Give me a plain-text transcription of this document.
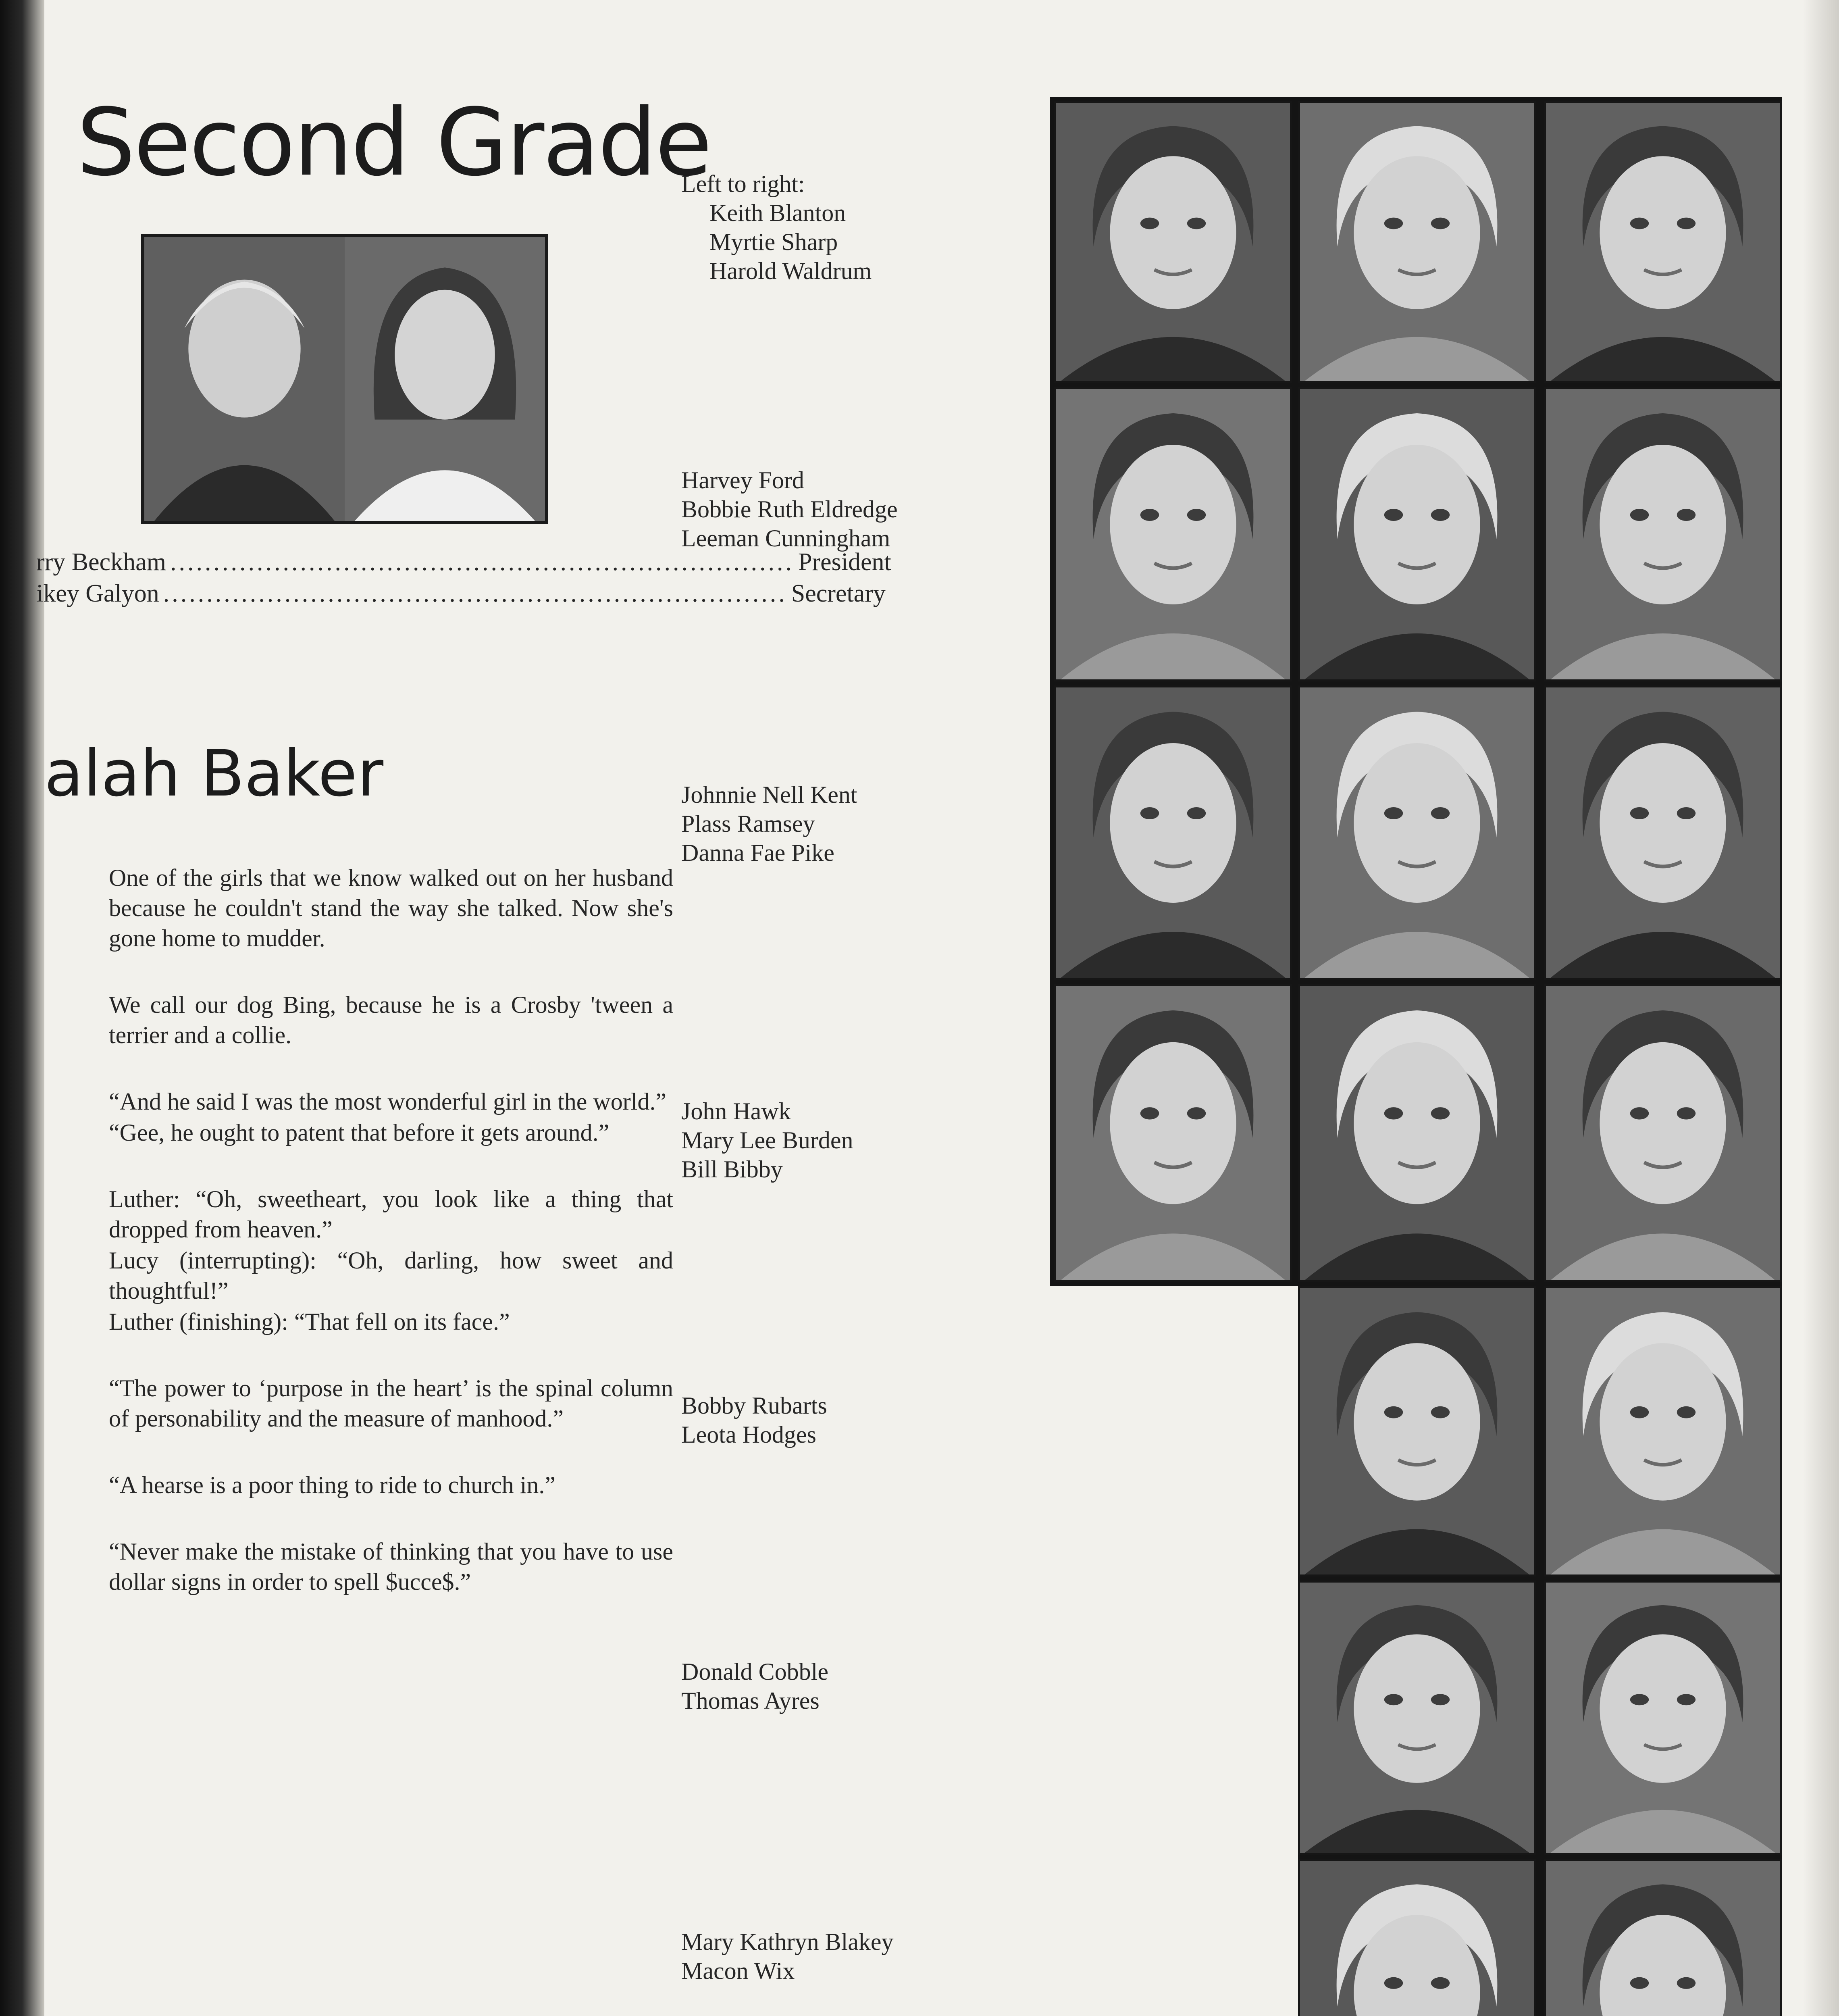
Second Grade
rry Beckham ........................................................................ President
ikey Galyon ........................................................................ Secretary
alah Baker

One of the girls that we know walked out on her husband because he couldn't stand the way she talked. Now she's gone home to mudder.

We call our dog Bing, because he is a Crosby 'tween a terrier and a collie.

“And he said I was the most wonderful girl in the world.”

“Gee, he ought to patent that before it gets around.”

Luther: “Oh, sweetheart, you look like a thing that dropped from heaven.”

Lucy (interrupting): “Oh, darling, how sweet and thoughtful!”

Luther (finishing): “That fell on its face.”

“The power to ‘purpose in the heart’ is the spinal column of personability and the measure of manhood.”

“A hearse is a poor thing to ride to church in.”

“Never make the mistake of thinking that you have to use dollar signs in order to spell $ucce$.”

Left to right:
Keith Blanton
Myrtie Sharp
Harold Waldrum
Harvey Ford
Bobbie Ruth Eldredge
Leeman Cunningham
Johnnie Nell Kent
Plass Ramsey
Danna Fae Pike
John Hawk
Mary Lee Burden
Bill Bibby
Bobby Rubarts
Leota Hodges
Donald Cobble
Thomas Ayres
Mary Kathryn Blakey
Macon Wix
